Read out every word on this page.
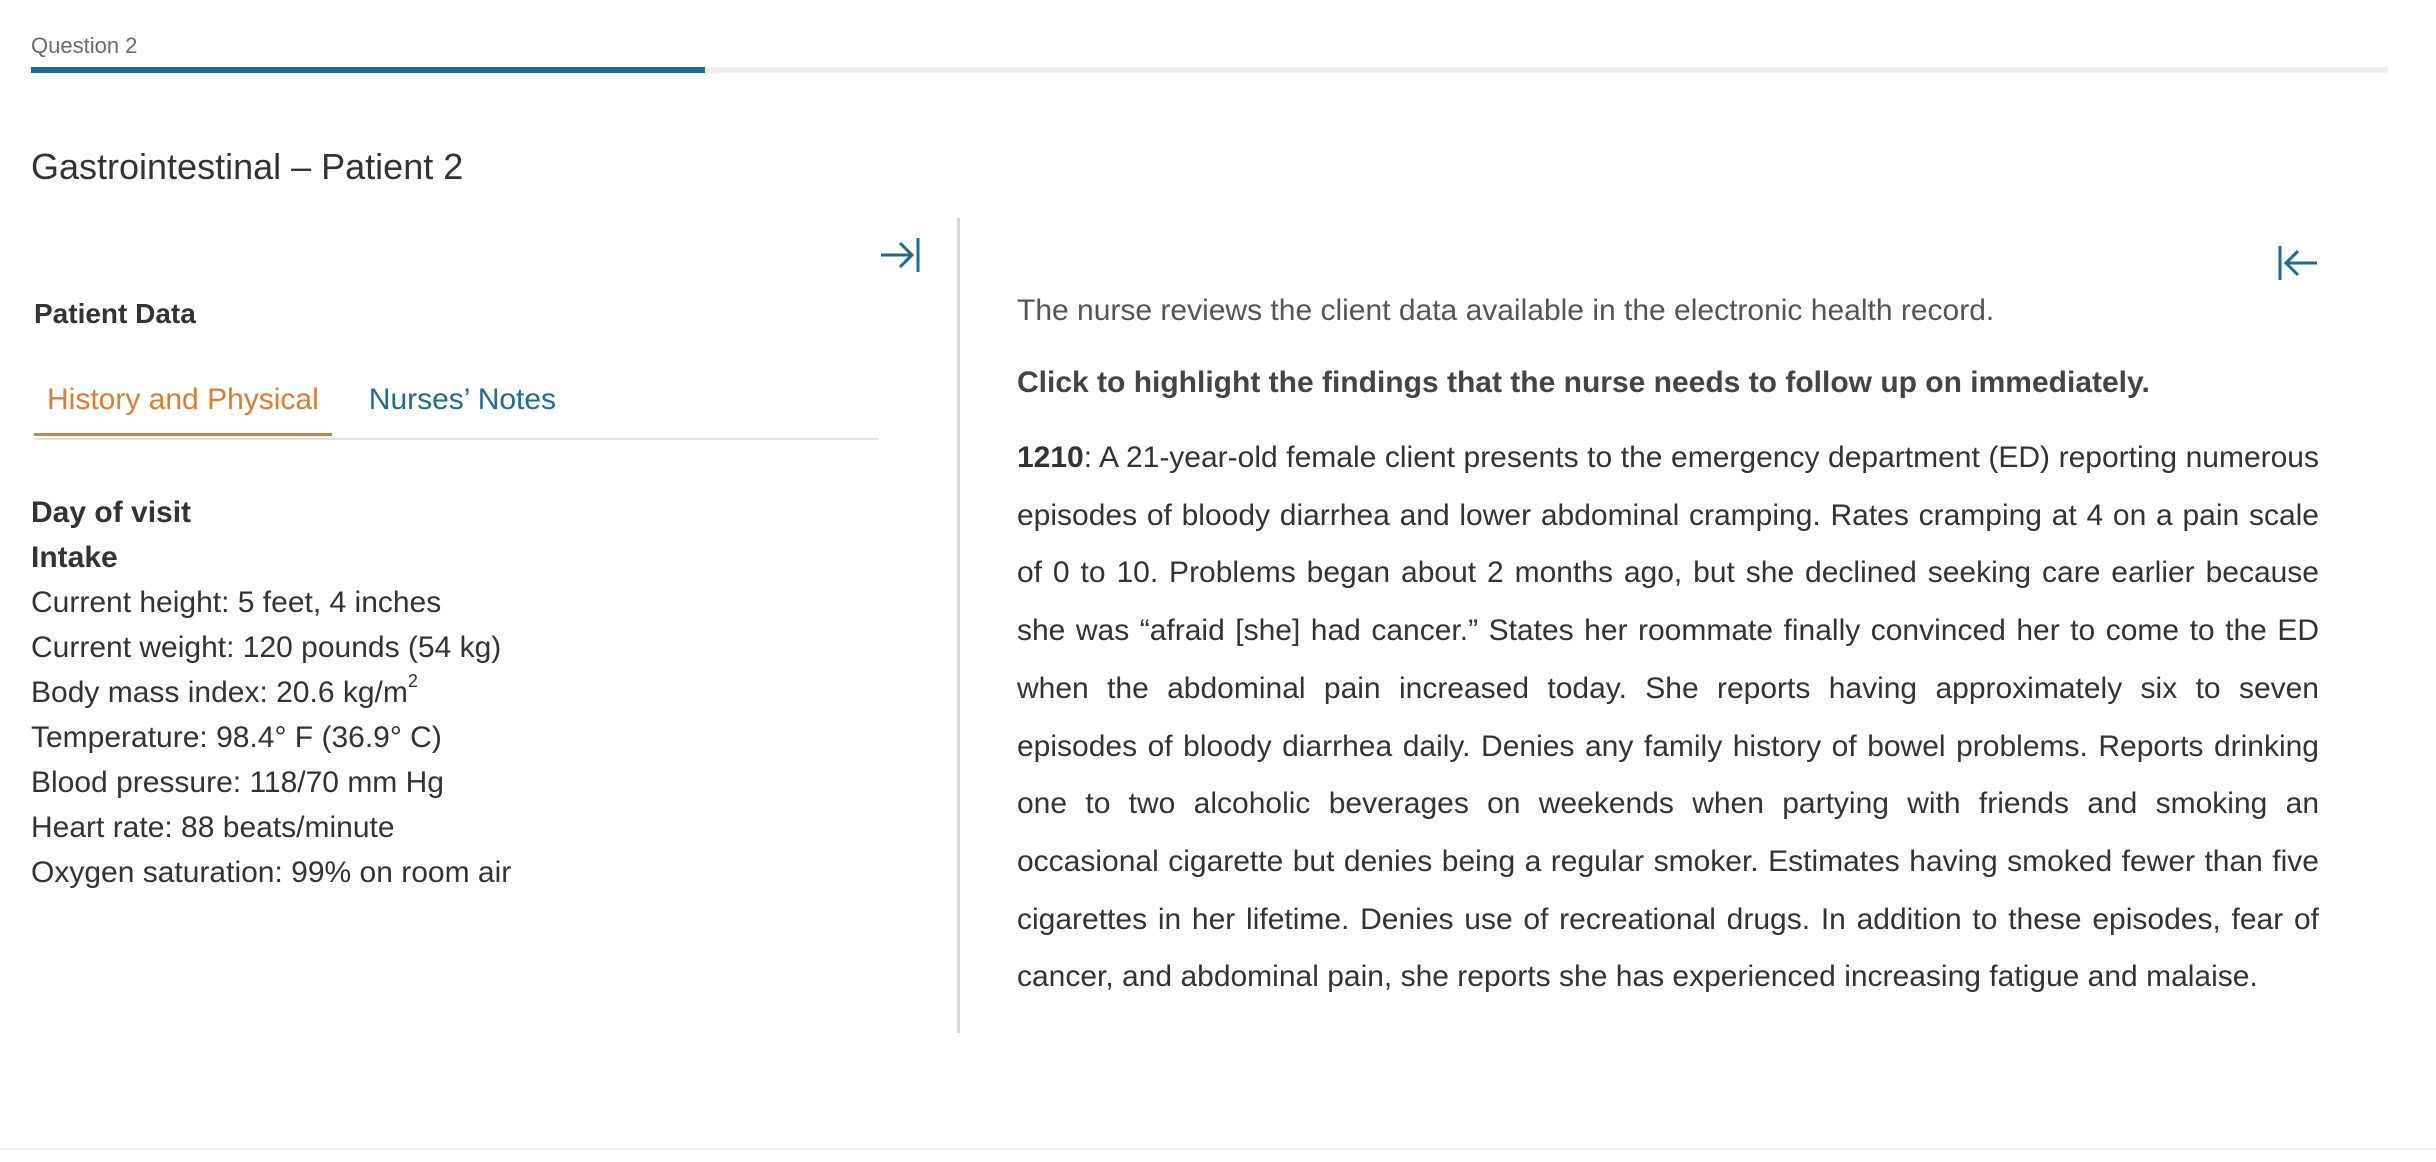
Question 2
Gastrointestinal – Patient 2
Patient Data
History and Physical	Nurses’ Notes
Day of visit
Intake
Current height: 5 feet, 4 inches
Current weight: 120 pounds (54 kg)
Body mass index: 20.6 $kg/m^2$
Temperature: 98.4° F (36.9° C)
Blood pressure: 118/70 mm Hg
Heart rate: 88 beats/minute
Oxygen saturation: 99% on room air

The nurse reviews the client data available in the electronic health record.

Click to highlight the findings that the nurse needs to follow up on immediately.

1210: A 21-year-old female client presents to the emergency department (ED) reporting numerous episodes of bloody diarrhea and lower abdominal cramping. Rates cramping at 4 on a pain scale of 0 to 10. Problems began about 2 months ago, but she declined seeking care earlier because she was “afraid [she] had cancer.” States her roommate finally convinced her to come to the ED when the abdominal pain increased today. She reports having approximately six to seven episodes of bloody diarrhea daily. Denies any family history of bowel problems. Reports drinking one to two alcoholic beverages on weekends when partying with friends and smoking an occasional cigarette but denies being a regular smoker. Estimates having smoked fewer than five cigarettes in her lifetime. Denies use of recreational drugs. In addition to these episodes, fear of cancer, and abdominal pain, she reports she has experienced increasing fatigue and malaise.
